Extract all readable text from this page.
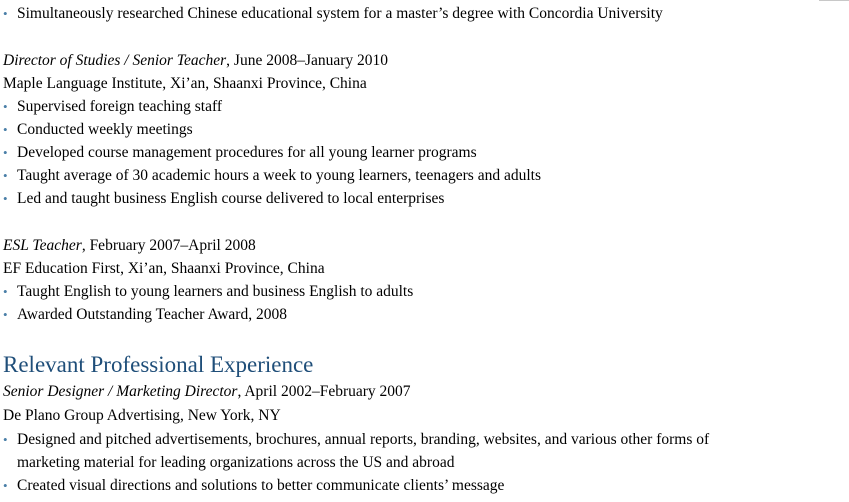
• Simultaneously researched Chinese educational system for a master’s degree with Concordia University
Director of Studies / Senior Teacher, June 2008–January 2010
Maple Language Institute, Xi’an, Shaanxi Province, China
• Supervised foreign teaching staff
• Conducted weekly meetings
• Developed course management procedures for all young learner programs
• Taught average of 30 academic hours a week to young learners, teenagers and adults
• Led and taught business English course delivered to local enterprises
ESL Teacher, February 2007–April 2008
EF Education First, Xi’an, Shaanxi Province, China
• Taught English to young learners and business English to adults
• Awarded Outstanding Teacher Award, 2008
Relevant Professional Experience
Senior Designer / Marketing Director, April 2002–February 2007
De Plano Group Advertising, New York, NY
• Designed and pitched advertisements, brochures, annual reports, branding, websites, and various other forms of
marketing material for leading organizations across the US and abroad
• Created visual directions and solutions to better communicate clients’ message
